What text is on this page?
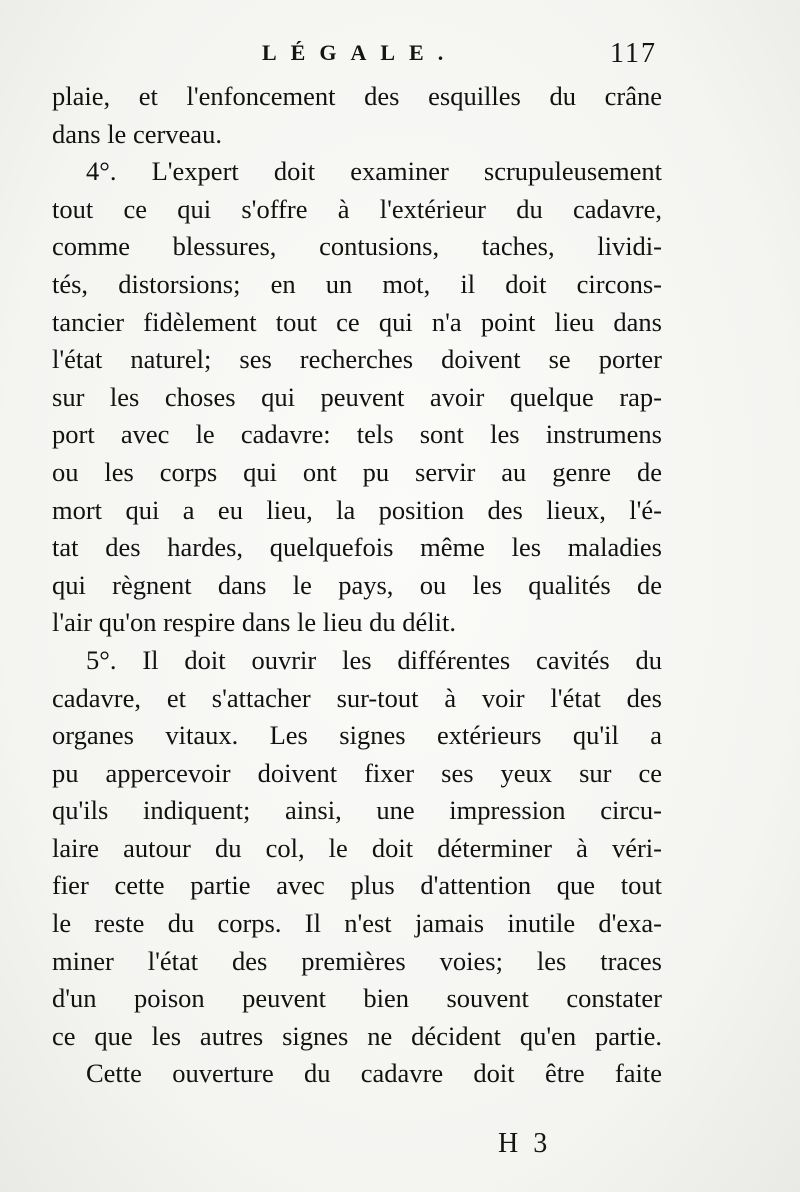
LÉGALE.	117
plaie, et l'enfoncement des esquilles du crâne
dans le cerveau.
4°. L'expert doit examiner scrupuleusement
tout ce qui s'offre à l'extérieur du cadavre,
comme blessures, contusions, taches, lividi-
tés, distorsions; en un mot, il doit circons-
tancier fidèlement tout ce qui n'a point lieu dans
l'état naturel; ses recherches doivent se porter
sur les choses qui peuvent avoir quelque rap-
port avec le cadavre: tels sont les instrumens
ou les corps qui ont pu servir au genre de
mort qui a eu lieu, la position des lieux, l'é-
tat des hardes, quelquefois même les maladies
qui règnent dans le pays, ou les qualités de
l'air qu'on respire dans le lieu du délit.
5°. Il doit ouvrir les différentes cavités du
cadavre, et s'attacher sur-tout à voir l'état des
organes vitaux. Les signes extérieurs qu'il a
pu appercevoir doivent fixer ses yeux sur ce
qu'ils indiquent; ainsi, une impression circu-
laire autour du col, le doit déterminer à véri-
fier cette partie avec plus d'attention que tout
le reste du corps. Il n'est jamais inutile d'exa-
miner l'état des premières voies; les traces
d'un poison peuvent bien souvent constater
ce que les autres signes ne décident qu'en partie.
Cette ouverture du cadavre doit être faite
H 3
